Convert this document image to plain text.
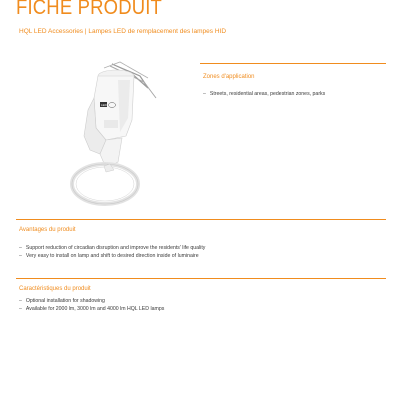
FICHE PRODUIT
HQL LED Accessories | Lampes LED de remplacement des lampes HID
LED
Zones d'application
– Streets, residential areas, pedestrian zones, parks
Avantages du produit
– Support reduction of circadian disruption and improve the residents' life quality
– Very easy to install on lamp and shift to desired direction inside of luminaire
Caractéristiques du produit
– Optional installation for shadowing
– Available for 2000 lm, 3000 lm and 4000 lm HQL LED lamps
